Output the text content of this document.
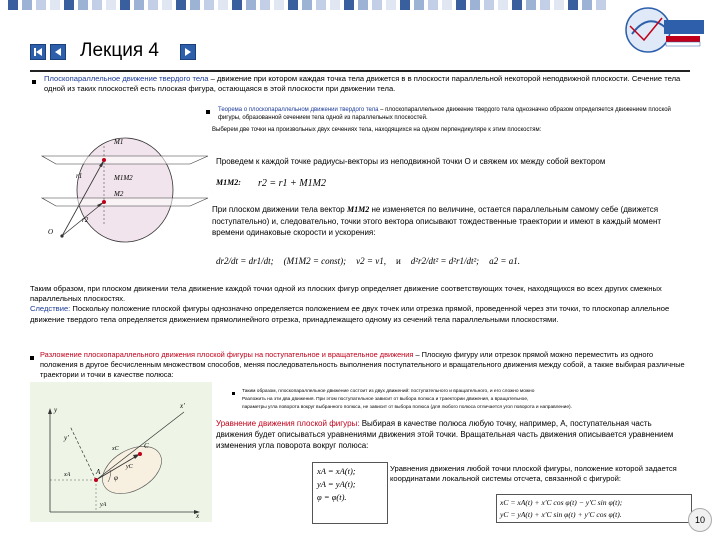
Лекция 4
Плоскопараллельное движение твердого тела – движение при котором каждая точка тела движется в в плоскости параллельной некоторой неподвижной плоскости. Сечение тела одной из таких плоскостей есть плоская фигура, остающаяся в этой плоскости при движении тела.
Теорема о плоскопараллельном движении твердого тела – плоскопараллельное движение твердого тела однозначно образом определяется движением плоской фигуры, образованной сечением тела одной из параллельных плоскостей.
Выберем две точки на произвольных двух сечениях тела, находящихся на одном перпендикуляре к этим плоскостям:
M1
M1M2
M2
r1
r2
O
Проведем к каждой точке радиусы-векторы из неподвижной точки O и свяжем их между собой вектором
M1M2: r2 = r1 + M1M2
При плоском движении тела вектор M1M2 не изменяется по величине, остается параллельным самому себе (движется поступательно) и, следовательно, точки этого вектора описывают тождественные траектории и имеют в каждый момент времени одинаковые скорости и ускорения:
dr2/dt = dr1/dt; (M1M2 = const); v2 = v1, и d²r2/dt² = d²r1/dt²; a2 = a1.
Таким образом, при плоском движении тела движение каждой точки одной из плоских фигур определяет движение соответствующих точек, находящихся во всех других смежных параллельных плоскостях.
Следствие: Поскольку положение плоской фигуры однозначно определяется положением ее двух точек или отрезка прямой, проведенной через эти точки, то плоскопар аллельное движение твердого тела определяется движением прямолинейного отрезка, принадлежащего одному из сечений тела параллельными плоскостями.
Разложение плоскопараллельного движения плоской фигуры на поступательное и вращательное движения – Плоскую фигуру или отрезок прямой можно переместить из одного положения в другое бесчисленным множеством способов, меняя последовательность выполнения поступательного и вращательного движения между собой, а также выбирая различные траектории и точки в качестве полюса:
Таким образом, плоскопараллельное движение состоит из двух движений: поступательного и вращательного, и его сложно можно
Разложить на эти два движения. При этом поступательное зависит от выбора полюса и траектории движения, а вращательное,
параметры угла поворота вокруг выбранного полюса, не зависит от выбора полюса (для любого полюса отличается угол поворота и направление).
y
x
y'
x'
C
A
xA
yA
xC
yC
φ
Уравнение движения плоской фигуры: Выбирая в качестве полюса любую точку, например, A, поступательная часть движения будет описываться уравнениями движения этой точки. Вращательная часть движения описывается уравнением изменения угла поворота вокруг полюса:
xA = xA(t);
yA = yA(t);
φ = φ(t).
Уравнения движения любой точки плоской фигуры, положение которой задается координатами локальной системы отсчета, связанной с фигурой:
xC = xA(t) + x'C cos φ(t) − y'C sin φ(t);
yC = yA(t) + x'C sin φ(t) + y'C cos φ(t).
10
